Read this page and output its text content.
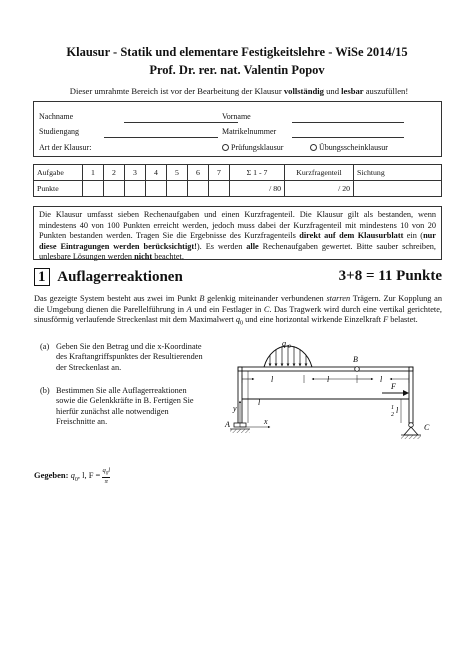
Klausur - Statik und elementare Festigkeitslehre - WiSe 2014/15
Prof. Dr. rer. nat. Valentin Popov
Dieser umrahmte Bereich ist vor der Bearbeitung der Klausur vollständig und lesbar auszufüllen!
Nachname	Vorname
Studiengang	Matrikelnummer
Art der Klausur:	Prüfungsklausur	Übungsscheinklausur
Aufgabe	1	2	3	4	5	6	7	Σ 1 - 7	Kurzfragenteil	Sichtung
Punkte								/ 80	/ 20	
Die Klausur umfasst sieben Rechenaufgaben und einen Kurzfragenteil. Die Klausur gilt als bestanden, wenn mindestens 40 von 100 Punkten erreicht werden, jedoch muss dabei der Kurzfragenteil mit mindestens 10 von 20 Punkten bestanden werden. Tragen Sie die Ergebnisse des Kurzfragenteils direkt auf dem Klausurblatt ein (nur diese Eintragungen werden berücksichtigt!). Es werden alle Rechenaufgaben gewertet. Bitte sauber schreiben, unlesbare Lösungen werden nicht beachtet.
1 Auflagerreaktionen	3+8 = 11 Punkte
Das gezeigte System besteht aus zwei im Punkt B gelenkig miteinander verbundenen starren Trägern. Zur Kopplung an die Umgebung dienen die Parellelführung in A und ein Festlager in C. Das Tragwerk wird durch eine vertikal gerichtete, sinusförmig verlaufende Streckenlast mit dem Maximalwert $q_0$ und eine horizontal wirkende Einzelkraft F belastet.
(a) Geben Sie den Betrag und die x-Koordinate des Kraftangriffspunktes der Resultierenden der Streckenlast an.
(b) Bestimmen Sie alle Auflagerreaktionen sowie die Gelenkkräfte in B. Fertigen Sie hierfür zunächst alle notwendigen Freischnitte an.
Gegeben: $q_0$, l, $F = \frac{q_0l}{\pi}$
q 0
B
l	l	l
l
F
1
2 l
A
y
x
C
